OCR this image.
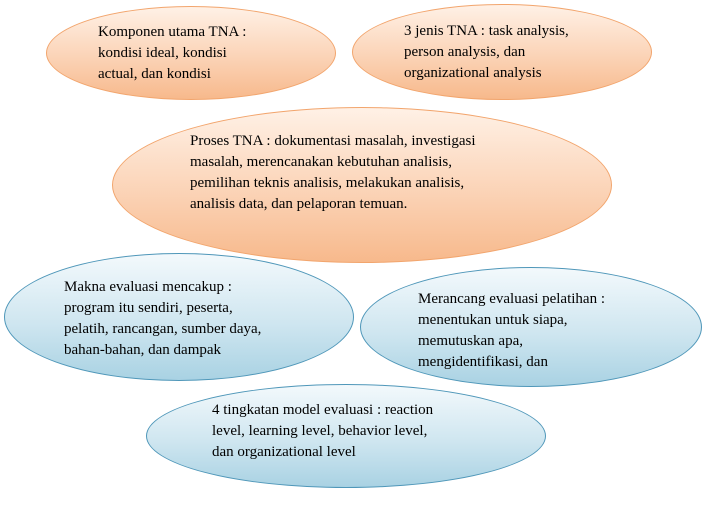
Komponen utama TNA :
kondisi ideal, kondisi
actual, dan kondisi
3 jenis TNA : task analysis,
person analysis, dan
organizational analysis
Proses TNA : dokumentasi masalah, investigasi
masalah, merencanakan kebutuhan analisis,
pemilihan teknis analisis, melakukan analisis,
analisis data, dan pelaporan temuan.
Makna evaluasi mencakup :
program itu sendiri, peserta,
pelatih, rancangan, sumber daya,
bahan-bahan, dan dampak
Merancang evaluasi pelatihan :
menentukan untuk siapa,
memutuskan apa,
mengidentifikasi, dan
4 tingkatan model evaluasi : reaction
level, learning level, behavior level,
dan organizational level
